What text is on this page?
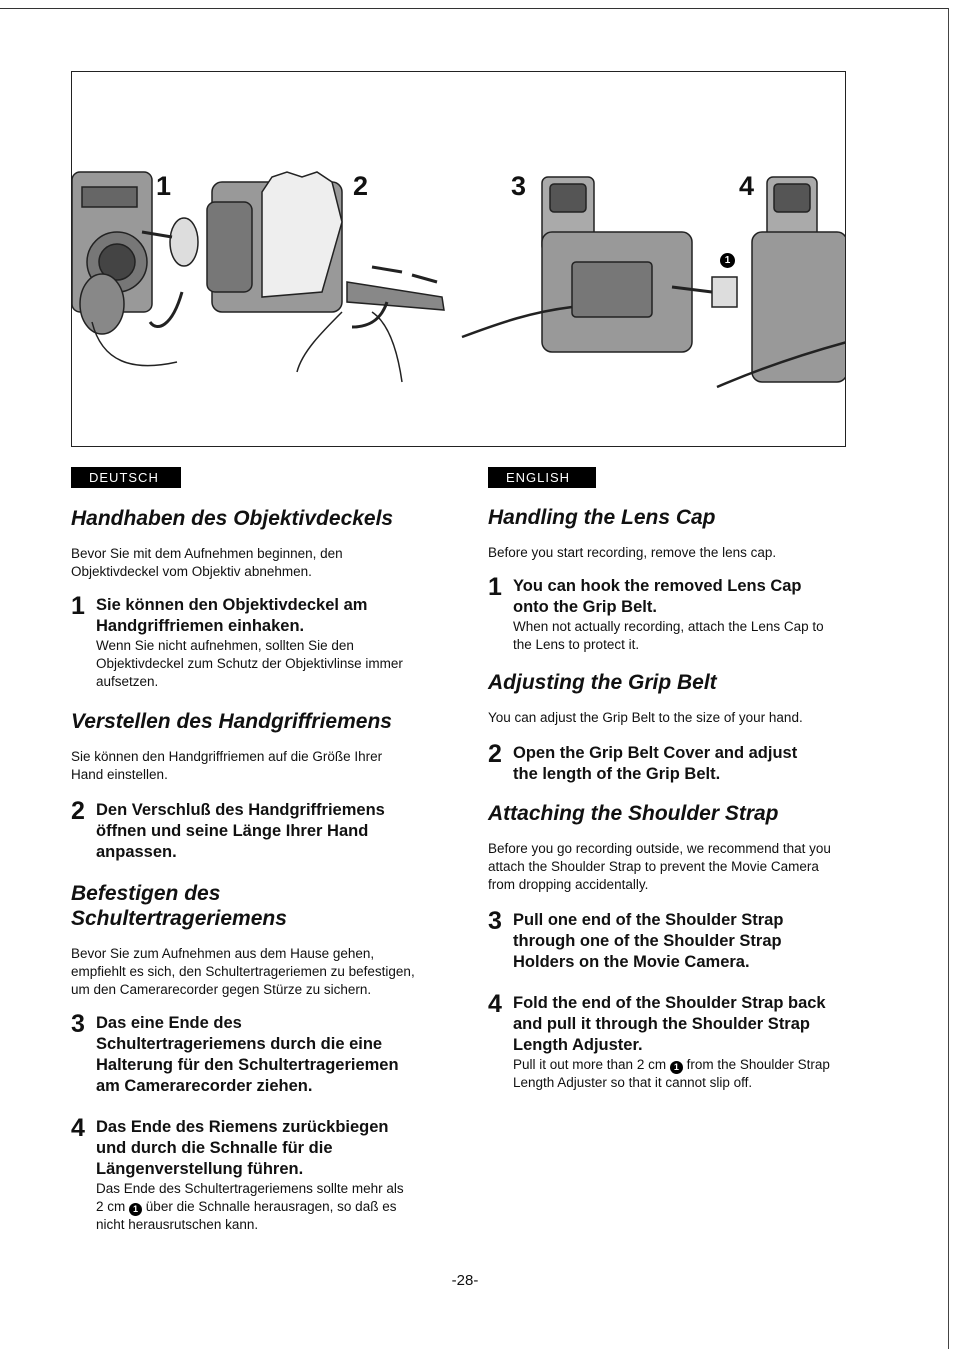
1	2	3	4
1
DEUTSCH
Handhaben des Objektivdeckels

Bevor Sie mit dem Aufnehmen beginnen, den
Objektivdeckel vom Objektiv abnehmen.

1 Sie können den Objektivdeckel am
Handgriffriemen einhaken.

Wenn Sie nicht aufnehmen, sollten Sie den
Objektivdeckel zum Schutz der Objektivlinse immer
aufsetzen.

Verstellen des Handgriffriemens

Sie können den Handgriffriemen auf die Größe Ihrer
Hand einstellen.

2 Den Verschluß des Handgriffriemens
öffnen und seine Länge Ihrer Hand
anpassen.

Befestigen des
Schultertrageriemens

Bevor Sie zum Aufnehmen aus dem Hause gehen,
empfiehlt es sich, den Schultertrageriemen zu befestigen,
um den Camerarecorder gegen Stürze zu sichern.

3 Das eine Ende des
Schultertrageriemens durch die eine
Halterung für den Schultertrageriemen
am Camerarecorder ziehen.

4 Das Ende des Riemens zurückbiegen
und durch die Schnalle für die
Längenverstellung führen.

Das Ende des Schultertrageriemens sollte mehr als
2 cm 1 über die Schnalle herausragen, so daß es
nicht herausrutschen kann.

ENGLISH
Handling the Lens Cap

Before you start recording, remove the lens cap.

1 You can hook the removed Lens Cap
onto the Grip Belt.

When not actually recording, attach the Lens Cap to
the Lens to protect it.

Adjusting the Grip Belt

You can adjust the Grip Belt to the size of your hand.

2 Open the Grip Belt Cover and adjust
the length of the Grip Belt.

Attaching the Shoulder Strap

Before you go recording outside, we recommend that you
attach the Shoulder Strap to prevent the Movie Camera
from dropping accidentally.

3 Pull one end of the Shoulder Strap
through one of the Shoulder Strap
Holders on the Movie Camera.

4 Fold the end of the Shoulder Strap back
and pull it through the Shoulder Strap
Length Adjuster.

Pull it out more than 2 cm 1 from the Shoulder Strap
Length Adjuster so that it cannot slip off.

-28-
